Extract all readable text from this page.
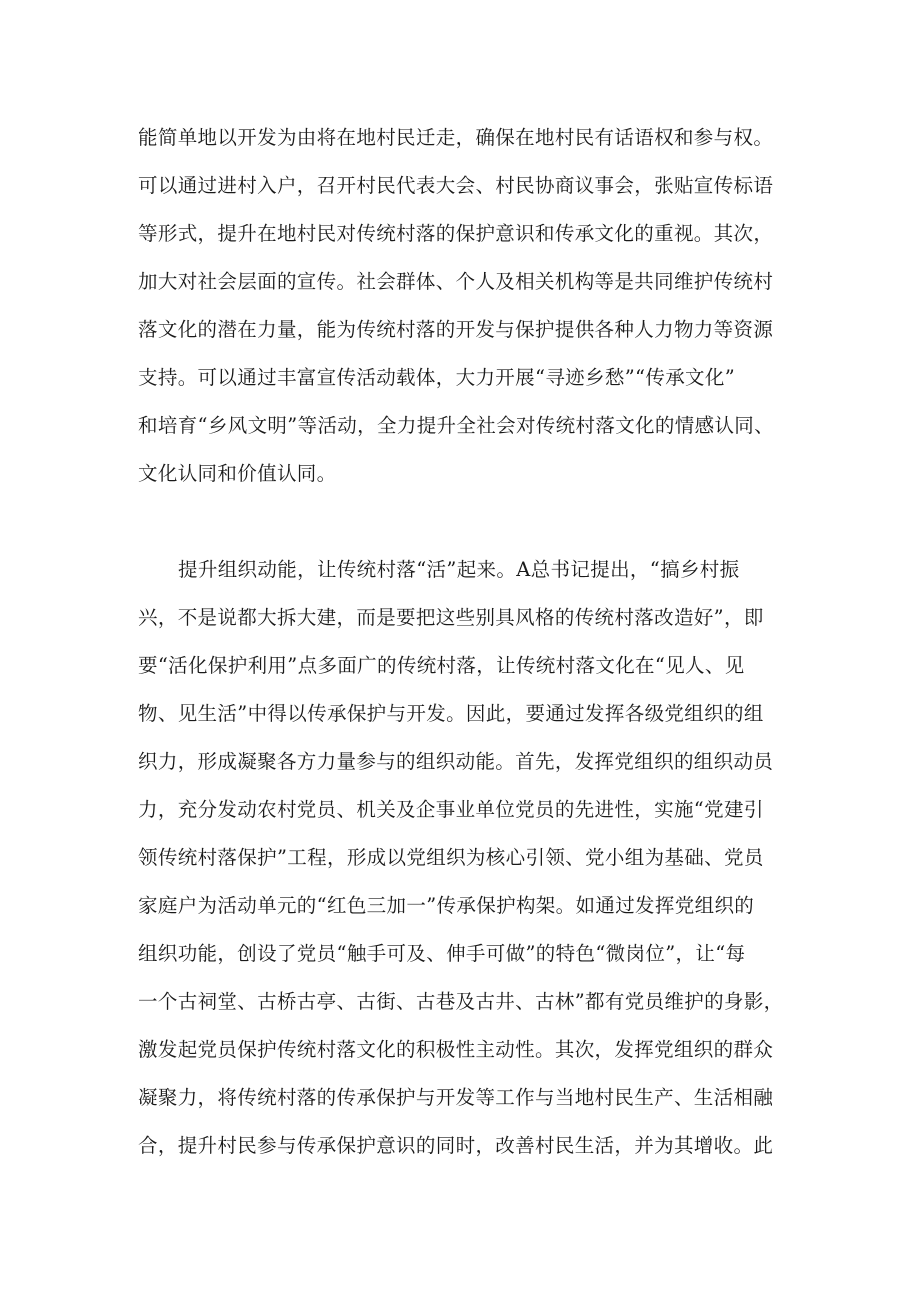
能简单地以开发为由将在地村民迁走，确保在地村民有话语权和参与权。
可以通过进村入户，召开村民代表大会、村民协商议事会，张贴宣传标语
等形式，提升在地村民对传统村落的保护意识和传承文化的重视。其次，
加大对社会层面的宣传。社会群体、个人及相关机构等是共同维护传统村
落文化的潜在力量，能为传统村落的开发与保护提供各种人力物力等资源
支持。可以通过丰富宣传活动载体，大力开展“寻迹乡愁”“传承文化”
和培育“乡风文明”等活动，全力提升全社会对传统村落文化的情感认同、
文化认同和价值认同。
提升组织动能，让传统村落“活”起来。A总书记提出，“搞乡村振
兴，不是说都大拆大建，而是要把这些别具风格的传统村落改造好”，即
要“活化保护利用”点多面广的传统村落，让传统村落文化在“见人、见
物、见生活”中得以传承保护与开发。因此，要通过发挥各级党组织的组
织力，形成凝聚各方力量参与的组织动能。首先，发挥党组织的组织动员
力，充分发动农村党员、机关及企事业单位党员的先进性，实施“党建引
领传统村落保护”工程，形成以党组织为核心引领、党小组为基础、党员
家庭户为活动单元的“红色三加一”传承保护构架。如通过发挥党组织的
组织功能，创设了党员“触手可及、伸手可做”的特色“微岗位”，让“每
一个古祠堂、古桥古亭、古街、古巷及古井、古林”都有党员维护的身影，
激发起党员保护传统村落文化的积极性主动性。其次，发挥党组织的群众
凝聚力，将传统村落的传承保护与开发等工作与当地村民生产、生活相融
合，提升村民参与传承保护意识的同时，改善村民生活，并为其增收。此
